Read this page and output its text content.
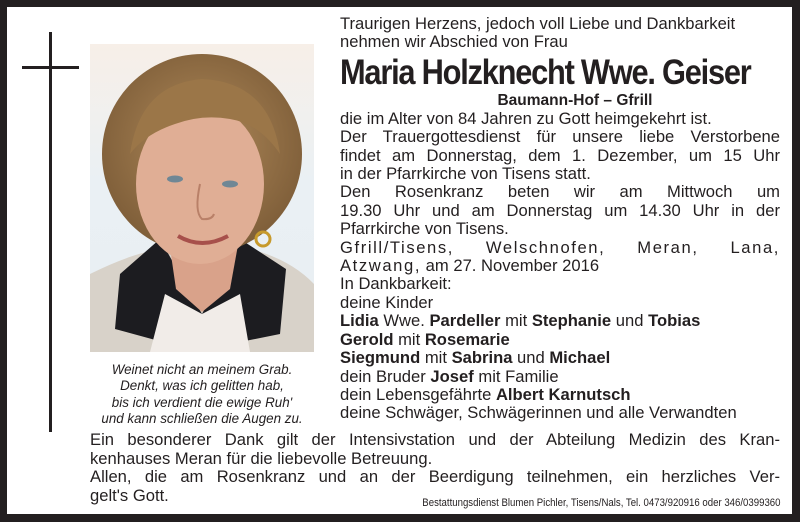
Weinet nicht an meinem Grab.
Denkt, was ich gelitten hab,
bis ich verdient die ewige Ruh'
und kann schließen die Augen zu.
Traurigen Herzens, jedoch voll Liebe und Dankbarkeit
nehmen wir Abschied von Frau
Maria Holzknecht Wwe. Geiser
Baumann-Hof – Gfrill
die im Alter von 84 Jahren zu Gott heimgekehrt ist.
Der Trauergottesdienst für unsere liebe Verstorbene
findet am Donnerstag, dem 1. Dezember, um 15 Uhr
in der Pfarrkirche von Tisens statt.
Den Rosenkranz beten wir am Mittwoch um
19.30 Uhr und am Donnerstag um 14.30 Uhr in der
Pfarrkirche von Tisens.
Gfrill/Tisens, Welschnofen, Meran, Lana,
Atzwang, am 27. November 2016
In Dankbarkeit:
deine Kinder
Lidia Wwe. Pardeller mit Stephanie und Tobias
Gerold mit Rosemarie
Siegmund mit Sabrina und Michael
dein Bruder Josef mit Familie
dein Lebensgefährte Albert Karnutsch
deine Schwäger, Schwägerinnen und alle Verwandten
Ein besonderer Dank gilt der Intensivstation und der Abteilung Medizin des Kran-
kenhauses Meran für die liebevolle Betreuung.
Allen, die am Rosenkranz und an der Beerdigung teilnehmen, ein herzliches Ver-
gelt's Gott.	Bestattungsdienst Blumen Pichler, Tisens/Nals, Tel. 0473/920916 oder 346/0399360
